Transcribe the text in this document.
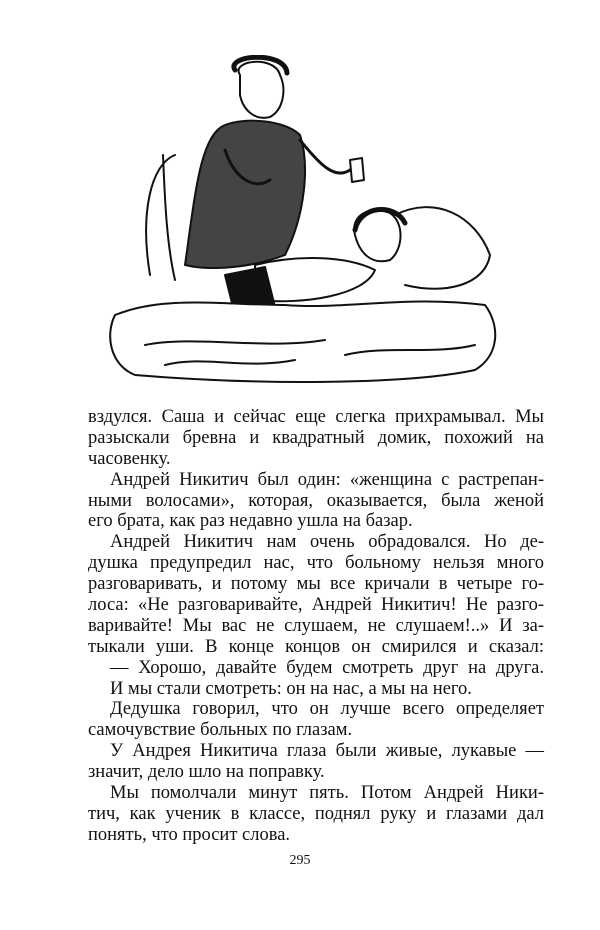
вздулся. Саша и сейчас еще слегка прихрамывал. Мы
разыскали бревна и квадратный домик, похожий на
часовенку.
Андрей Никитич был один: «женщина с растрепан-
ными волосами», которая, оказывается, была женой
его брата, как раз недавно ушла на базар.
Андрей Никитич нам очень обрадовался. Но де-
душка предупредил нас, что больному нельзя много
разговаривать, и потому мы все кричали в четыре го-
лоса: «Не разговаривайте, Андрей Никитич! Не разго-
варивайте! Мы вас не слушаем, не слушаем!..» И за-
тыкали уши. В конце концов он смирился и сказал:
— Хорошо, давайте будем смотреть друг на друга.
И мы стали смотреть: он на нас, а мы на него.
Дедушка говорил, что он лучше всего определяет
самочувствие больных по глазам.
У Андрея Никитича глаза были живые, лукавые —
значит, дело шло на поправку.
Мы помолчали минут пять. Потом Андрей Ники-
тич, как ученик в классе, поднял руку и глазами дал
понять, что просит слова.
295
